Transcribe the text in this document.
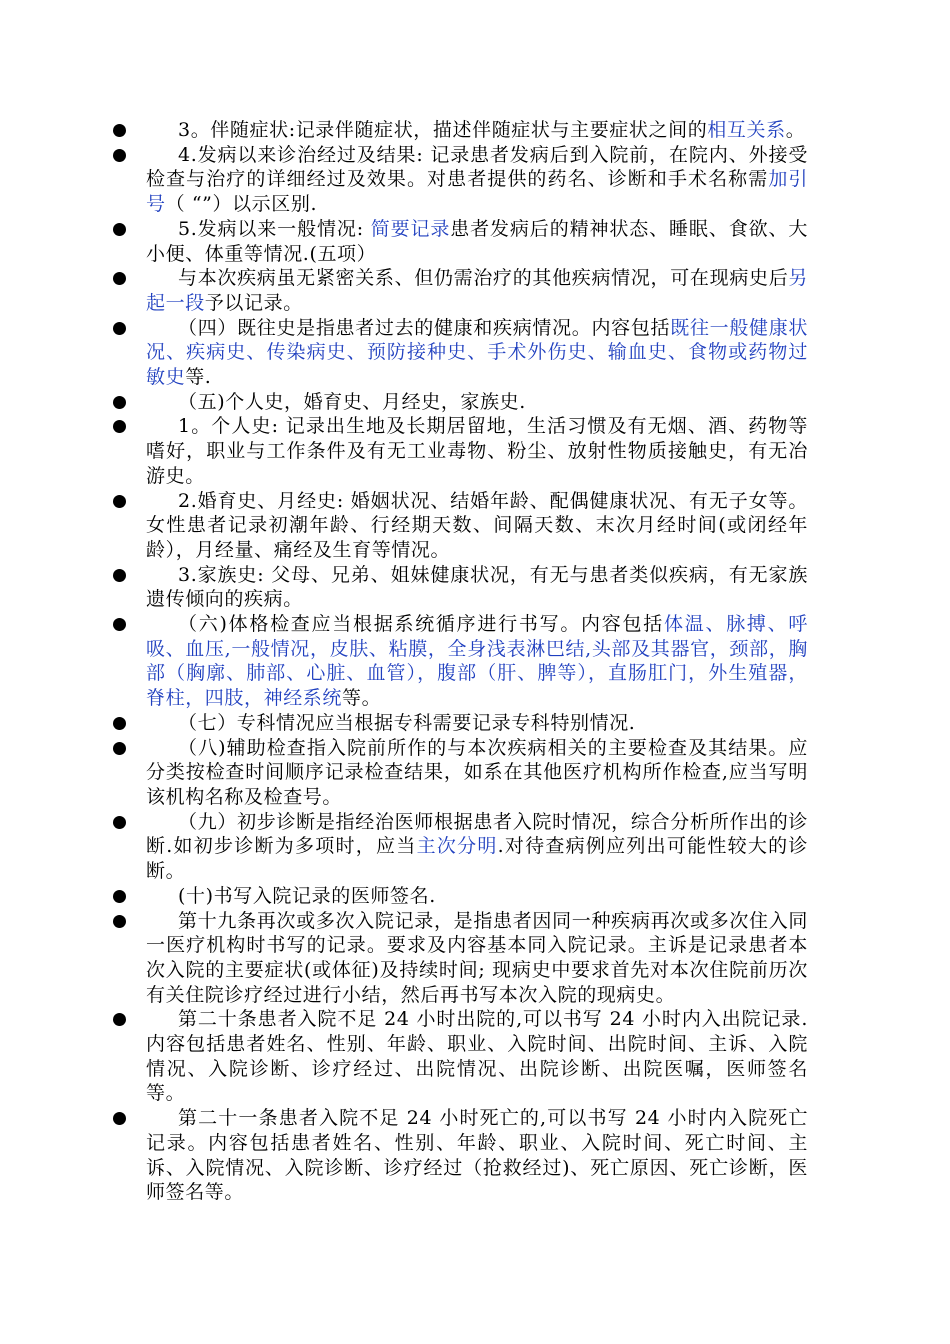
3。伴随症状:记录伴随症状，描述伴随症状与主要症状之间的相互关系。
4.发病以来诊治经过及结果: 记录患者发病后到入院前，在院内、外接受检查与治疗的详细经过及效果。对患者提供的药名、诊断和手术名称需加引号（ “”）以示区别.
5.发病以来一般情况: 简要记录患者发病后的精神状态、睡眠、食欲、大小便、体重等情况.(五项）
与本次疾病虽无紧密关系、但仍需治疗的其他疾病情况，可在现病史后另起一段予以记录。
（四）既往史是指患者过去的健康和疾病情况。内容包括既往一般健康状况、疾病史、传染病史、预防接种史、手术外伤史、输血史、食物或药物过敏史等.
（五)个人史，婚育史、月经史，家族史.
1。个人史: 记录出生地及长期居留地，生活习惯及有无烟、酒、药物等嗜好，职业与工作条件及有无工业毒物、粉尘、放射性物质接触史，有无冶游史。
2.婚育史、月经史: 婚姻状况、结婚年龄、配偶健康状况、有无子女等。女性患者记录初潮年龄、行经期天数、间隔天数、末次月经时间(或闭经年龄），月经量、痛经及生育等情况。
3.家族史: 父母、兄弟、姐妹健康状况，有无与患者类似疾病，有无家族遗传倾向的疾病。
（六)体格检查应当根据系统循序进行书写。内容包括体温、脉搏、呼吸、血压,一般情况，皮肤、粘膜，全身浅表淋巴结,头部及其器官，颈部，胸部（胸廓、肺部、心脏、血管），腹部（肝、脾等），直肠肛门，外生殖器，脊柱，四肢，神经系统等。
（七）专科情况应当根据专科需要记录专科特别情况.
（八)辅助检查指入院前所作的与本次疾病相关的主要检查及其结果。应分类按检查时间顺序记录检查结果，如系在其他医疗机构所作检查,应当写明该机构名称及检查号。
（九）初步诊断是指经治医师根据患者入院时情况，综合分析所作出的诊断.如初步诊断为多项时，应当主次分明.对待查病例应列出可能性较大的诊断。
(十)书写入院记录的医师签名.
第十九条再次或多次入院记录，是指患者因同一种疾病再次或多次住入同一医疗机构时书写的记录。要求及内容基本同入院记录。主诉是记录患者本次入院的主要症状(或体征)及持续时间; 现病史中要求首先对本次住院前历次有关住院诊疗经过进行小结，然后再书写本次入院的现病史。
第二十条患者入院不足 24 小时出院的,可以书写 24 小时内入出院记录.内容包括患者姓名、性别、年龄、职业、入院时间、出院时间、主诉、入院情况、入院诊断、诊疗经过、出院情况、出院诊断、出院医嘱，医师签名等。
第二十一条患者入院不足 24 小时死亡的,可以书写 24 小时内入院死亡记录。内容包括患者姓名、性别、年龄、职业、入院时间、死亡时间、主诉、入院情况、入院诊断、诊疗经过（抢救经过)、死亡原因、死亡诊断，医师签名等。
